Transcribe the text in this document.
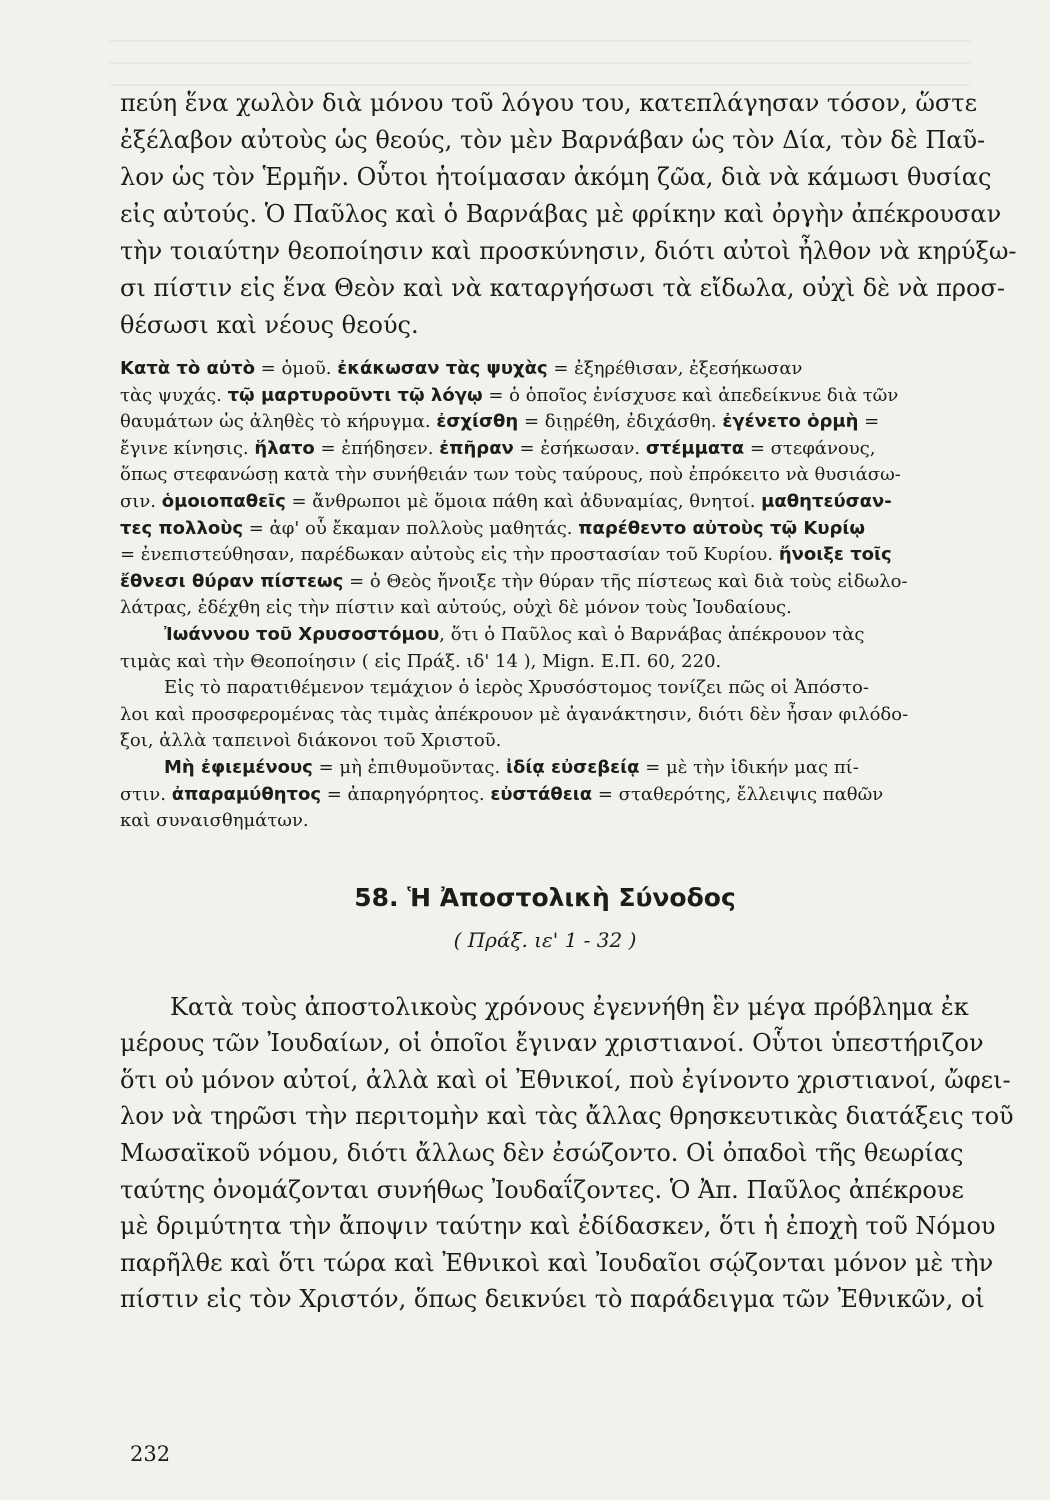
πεύη ἕνα χωλὸν διὰ μόνου τοῦ λόγου του, κατεπλάγησαν τόσον, ὥστε
ἐξέλαβον αὐτοὺς ὡς θεούς, τὸν μὲν Βαρνάβαν ὡς τὸν Δία, τὸν δὲ Παῦ-
λον ὡς τὸν Ἑρμῆν. Οὗτοι ἡτοίμασαν ἀκόμη ζῶα, διὰ νὰ κάμωσι θυσίας
εἰς αὐτούς. Ὁ Παῦλος καὶ ὁ Βαρνάβας μὲ φρίκην καὶ ὀργὴν ἀπέκρουσαν
τὴν τοιαύτην θεοποίησιν καὶ προσκύνησιν, διότι αὐτοὶ ἦλθον νὰ κηρύξω-
σι πίστιν εἰς ἕνα Θεὸν καὶ νὰ καταργήσωσι τὰ εἴδωλα, οὐχὶ δὲ νὰ προσ-
θέσωσι καὶ νέους θεούς.
Κατὰ τὸ αὐτὸ = ὁμοῦ. ἐκάκωσαν τὰς ψυχὰς = ἐξηρέθισαν, ἐξεσήκωσαν
τὰς ψυχάς. τῷ μαρτυροῦντι τῷ λόγῳ = ὁ ὁποῖος ἐνίσχυσε καὶ ἀπεδείκνυε διὰ τῶν
θαυμάτων ὡς ἀληθὲς τὸ κήρυγμα. ἐσχίσθη = διῃρέθη, ἐδιχάσθη. ἐγένετο ὁρμὴ =
ἔγινε κίνησις. ἥλατο = ἐπήδησεν. ἐπῆραν = ἐσήκωσαν. στέμματα = στεφάνους,
ὅπως στεφανώσῃ κατὰ τὴν συνήθειάν των τοὺς ταύρους, ποὺ ἐπρόκειτο νὰ θυσιάσω-
σιν. ὁμοιοπαθεῖς = ἄνθρωποι μὲ ὅμοια πάθη καὶ ἀδυναμίας, θνητοί. μαθητεύσαν-
τες πολλοὺς = ἀφ' οὗ ἔκαμαν πολλοὺς μαθητάς. παρέθεντο αὐτοὺς τῷ Κυρίῳ
= ἐνεπιστεύθησαν, παρέδωκαν αὐτοὺς εἰς τὴν προστασίαν τοῦ Κυρίου. ἤνοιξε τοῖς
ἔθνεσι θύραν πίστεως = ὁ Θεὸς ἤνοιξε τὴν θύραν τῆς πίστεως καὶ διὰ τοὺς εἰδωλο-
λάτρας, ἐδέχθη εἰς τὴν πίστιν καὶ αὐτούς, οὐχὶ δὲ μόνον τοὺς Ἰουδαίους.
Ἰωάννου τοῦ Χρυσοστόμου, ὅτι ὁ Παῦλος καὶ ὁ Βαρνάβας ἀπέκρουον τὰς
τιμὰς καὶ τὴν Θεοποίησιν ( εἰς Πράξ. ιδ' 14 ), Mign. E.Π. 60, 220.
Εἰς τὸ παρατιθέμενον τεμάχιον ὁ ἱερὸς Χρυσόστομος τονίζει πῶς οἱ Ἀπόστο-
λοι καὶ προσφερομένας τὰς τιμὰς ἀπέκρουον μὲ ἀγανάκτησιν, διότι δὲν ἦσαν φιλόδο-
ξοι, ἀλλὰ ταπεινοὶ διάκονοι τοῦ Χριστοῦ.
Μὴ ἐφιεμένους = μὴ ἐπιθυμοῦντας. ἰδίᾳ εὐσεβείᾳ = μὲ τὴν ἰδικήν μας πί-
στιν. ἀπαραμύθητος = ἀπαρηγόρητος. εὐστάθεια = σταθερότης, ἔλλειψις παθῶν
καὶ συναισθημάτων.
58. Ἡ Ἀποστολικὴ Σύνοδος
( Πράξ. ιε' 1 - 32 )
Κατὰ τοὺς ἀποστολικοὺς χρόνους ἐγεννήθη ἓν μέγα πρόβλημα ἐκ
μέρους τῶν Ἰουδαίων, οἱ ὁποῖοι ἔγιναν χριστιανοί. Οὗτοι ὑπεστήριζον
ὅτι οὐ μόνον αὐτοί, ἀλλὰ καὶ οἱ Ἐθνικοί, ποὺ ἐγίνοντο χριστιανοί, ὤφει-
λον νὰ τηρῶσι τὴν περιτομὴν καὶ τὰς ἄλλας θρησκευτικὰς διατάξεις τοῦ
Μωσαϊκοῦ νόμου, διότι ἄλλως δὲν ἐσώζοντο. Οἱ ὀπαδοὶ τῆς θεωρίας
ταύτης ὀνομάζονται συνήθως Ἰουδαΐζοντες. Ὁ Ἀπ. Παῦλος ἀπέκρουε
μὲ δριμύτητα τὴν ἄποψιν ταύτην καὶ ἐδίδασκεν, ὅτι ἡ ἐποχὴ τοῦ Νόμου
παρῆλθε καὶ ὅτι τώρα καὶ Ἐθνικοὶ καὶ Ἰουδαῖοι σῴζονται μόνον μὲ τὴν
πίστιν εἰς τὸν Χριστόν, ὅπως δεικνύει τὸ παράδειγμα τῶν Ἐθνικῶν, οἱ
232
